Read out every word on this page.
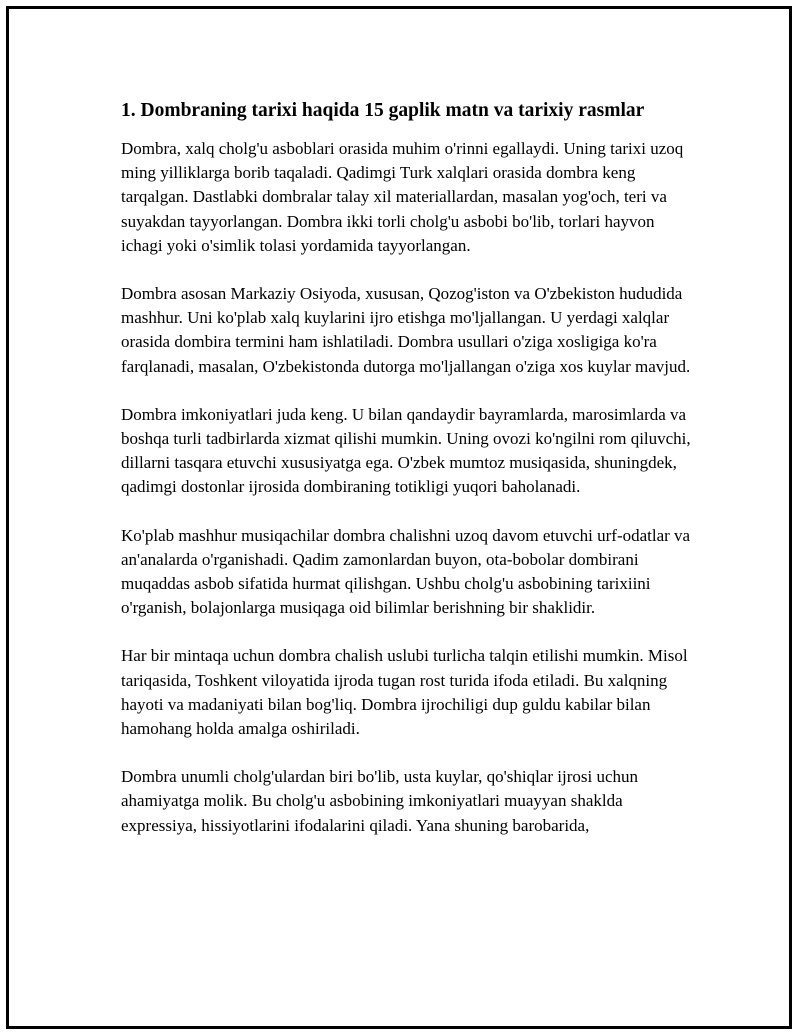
1. Dombraning tarixi haqida 15 gaplik matn va tarixiy rasmlar

Dombra, xalq cholg'u asboblari orasida muhim o'rinni egallaydi. Uning tarixi uzoq ming yilliklarga borib taqaladi. Qadimgi Turk xalqlari orasida dombra keng tarqalgan. Dastlabki dombralar talay xil materiallardan, masalan yog'och, teri va suyakdan tayyorlangan. Dombra ikki torli cholg'u asbobi bo'lib, torlari hayvon ichagi yoki o'simlik tolasi yordamida tayyorlangan.

Dombra asosan Markaziy Osiyoda, xususan, Qozog'iston va O'zbekiston hududida mashhur. Uni ko'plab xalq kuylarini ijro etishga mo'ljallangan. U yerdagi xalqlar orasida dombira termini ham ishlatiladi. Dombra usullari o'ziga xosligiga ko'ra farqlanadi, masalan, O'zbekistonda dutorga mo'ljallangan o'ziga xos kuylar mavjud.

Dombra imkoniyatlari juda keng. U bilan qandaydir bayramlarda, marosimlarda va boshqa turli tadbirlarda xizmat qilishi mumkin. Uning ovozi ko'ngilni rom qiluvchi, dillarni tasqara etuvchi xususiyatga ega. O'zbek mumtoz musiqasida, shuningdek, qadimgi dostonlar ijrosida dombiraning totikligi yuqori baholanadi.

Ko'plab mashhur musiqachilar dombra chalishni uzoq davom etuvchi urf-odatlar va an'analarda o'rganishadi. Qadim zamonlardan buyon, ota-bobolar dombirani muqaddas asbob sifatida hurmat qilishgan. Ushbu cholg'u asbobining tarixiini o'rganish, bolajonlarga musiqaga oid bilimlar berishning bir shaklidir.

Har bir mintaqa uchun dombra chalish uslubi turlicha talqin etilishi mumkin. Misol tariqasida, Toshkent viloyatida ijroda tugan rost turida ifoda etiladi. Bu xalqning hayoti va madaniyati bilan bog'liq. Dombra ijrochiligi dup guldu kabilar bilan hamohang holda amalga oshiriladi.

Dombra unumli cholg'ulardan biri bo'lib, usta kuylar, qo'shiqlar ijrosi uchun ahamiyatga molik. Bu cholg'u asbobining imkoniyatlari muayyan shaklda expressiya, hissiyotlarini ifodalarini qiladi. Yana shuning barobarida,
